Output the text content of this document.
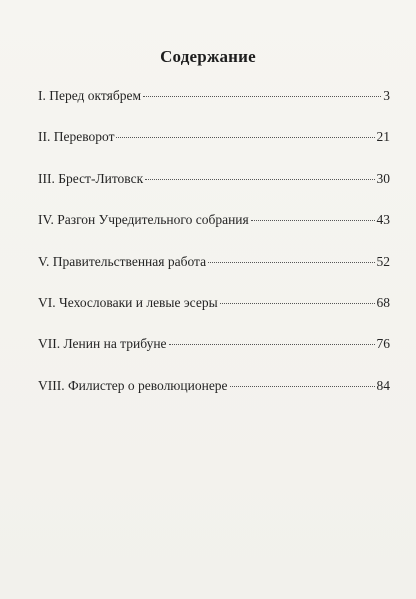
Содержание
I. Перед октябрем	3
II. Переворот	21
III. Брест-Литовск	30
IV. Разгон Учредительного собрания	43
V. Правительственная работа	52
VI. Чехословаки и левые эсеры	68
VII. Ленин на трибуне	76
VIII. Филистер о революционере	84
